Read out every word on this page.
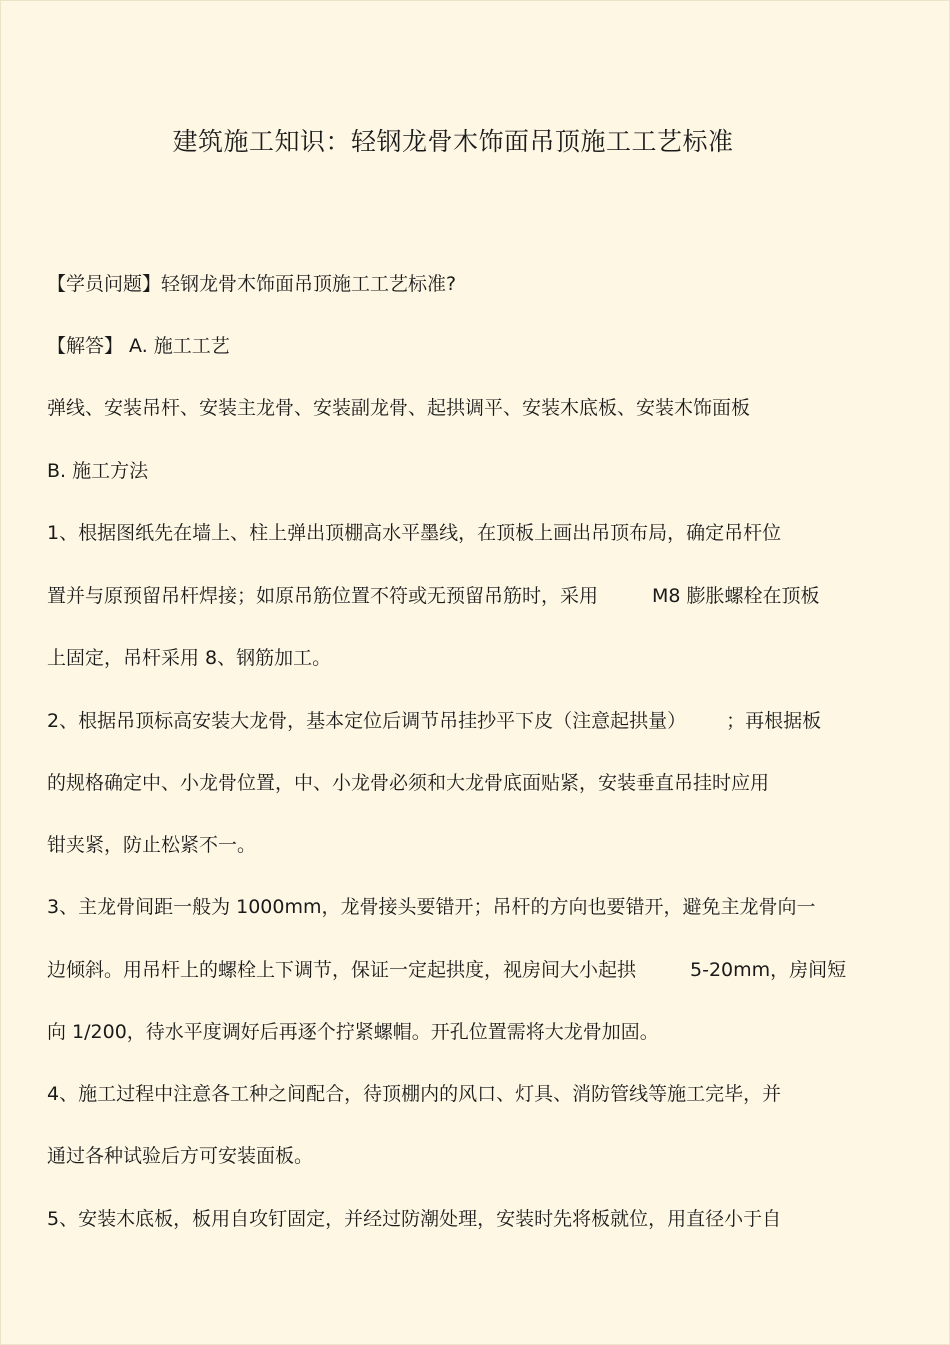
建筑施工知识：轻钢龙骨木饰面吊顶施工工艺标准
【学员问题】轻钢龙骨木饰面吊顶施工工艺标准?
【解答】 A. 施工工艺
弹线、安装吊杆、安装主龙骨、安装副龙骨、起拱调平、安装木底板、安装木饰面板
B. 施工方法
1、根据图纸先在墙上、柱上弹出顶棚高水平墨线，在顶板上画出吊顶布局，确定吊杆位
置并与原预留吊杆焊接；如原吊筋位置不符或无预留吊筋时，采用	M8 膨胀螺栓在顶板
上固定，吊杆采用 8、钢筋加工。
2、根据吊顶标高安装大龙骨，基本定位后调节吊挂抄平下皮（注意起拱量） ；再根据板
的规格确定中、小龙骨位置，中、小龙骨必须和大龙骨底面贴紧，安装垂直吊挂时应用
钳夹紧，防止松紧不一。
3、主龙骨间距一般为 1000mm，龙骨接头要错开；吊杆的方向也要错开，避免主龙骨向一
边倾斜。用吊杆上的螺栓上下调节，保证一定起拱度，视房间大小起拱	5-20mm，房间短
向 1/200，待水平度调好后再逐个拧紧螺帽。开孔位置需将大龙骨加固。
4、施工过程中注意各工种之间配合，待顶棚内的风口、灯具、消防管线等施工完毕，并
通过各种试验后方可安装面板。
5、安装木底板，板用自攻钉固定，并经过防潮处理，安装时先将板就位，用直径小于自
